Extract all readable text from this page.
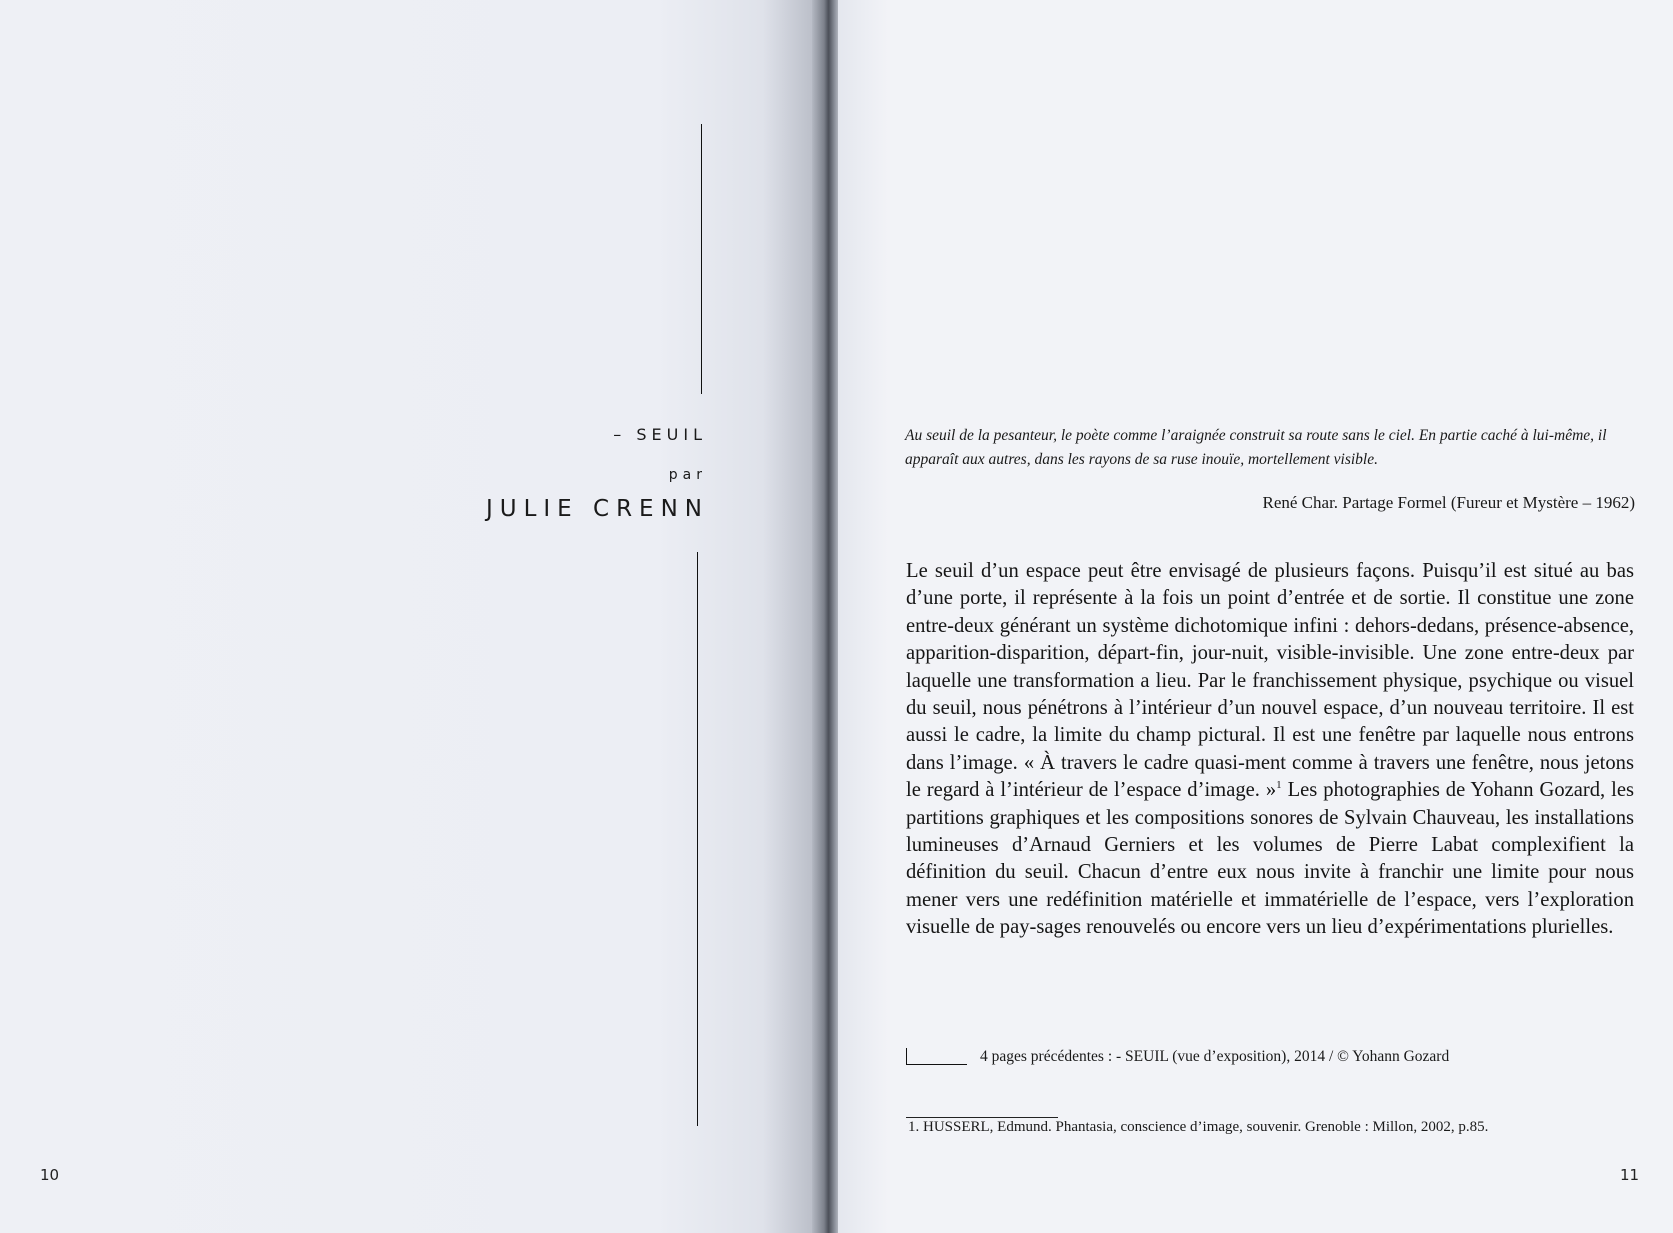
– SEUIL
par
JULIE CRENN
10
Au seuil de la pesanteur, le poète comme l’araignée construit sa route sans le ciel. En partie caché à lui-même, il apparaît aux autres, dans les rayons de sa ruse inouïe, mortellement visible.
René Char. Partage Formel (Fureur et Mystère – 1962)
Le seuil d’un espace peut être envisagé de plusieurs façons. Puisqu’il est situé au bas d’une porte, il représente à la fois un point d’entrée et de sortie. Il constitue une zone entre-deux générant un système dichotomique infini : dehors-dedans, présence-absence, apparition-disparition, départ-fin, jour-nuit, visible-invisible. Une zone entre-deux par laquelle une transformation a lieu. Par le franchissement physique, psychique ou visuel du seuil, nous pénétrons à l’intérieur d’un nouvel espace, d’un nouveau territoire. Il est aussi le cadre, la limite du champ pictural. Il est une fenêtre par laquelle nous entrons dans l’image. « À travers le cadre quasi-ment comme à travers une fenêtre, nous jetons le regard à l’intérieur de l’espace d’image. »$^1$ Les photographies de Yohann Gozard, les partitions graphiques et les compositions sonores de Sylvain Chauveau, les installations lumineuses d’Arnaud Gerniers et les volumes de Pierre Labat complexifient la définition du seuil. Chacun d’entre eux nous invite à franchir une limite pour nous mener vers une redéfinition matérielle et immatérielle de l’espace, vers l’exploration visuelle de pay-sages renouvelés ou encore vers un lieu d’expérimentations plurielles.
4 pages précédentes : - SEUIL (vue d’exposition), 2014 / © Yohann Gozard
1. HUSSERL, Edmund. Phantasia, conscience d’image, souvenir. Grenoble : Millon, 2002, p.85.
11
